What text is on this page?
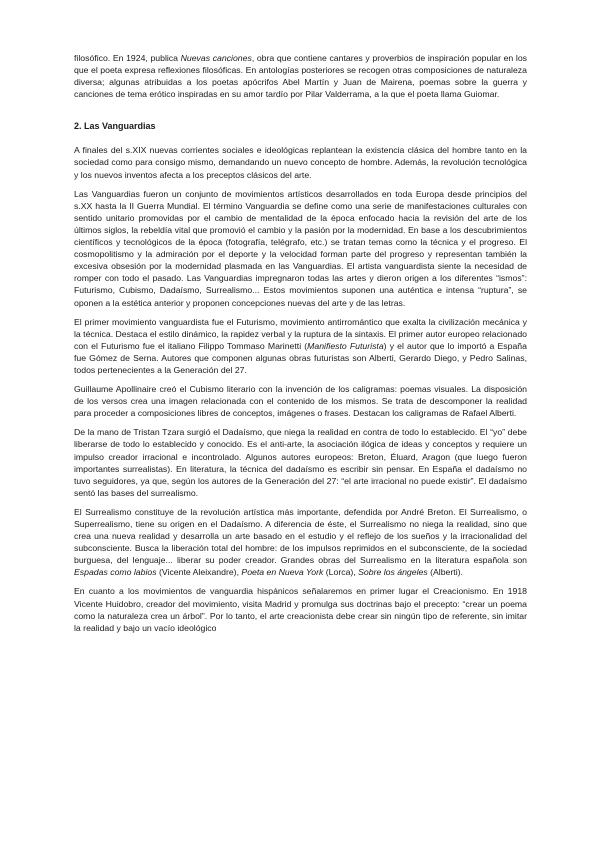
filosófico. En 1924, publica Nuevas canciones, obra que contiene cantares y proverbios de inspiración popular en los que el poeta expresa reflexiones filosóficas. En antologías posteriores se recogen otras composiciones de naturaleza diversa; algunas atribuidas a los poetas apócrifos Abel Martín y Juan de Mairena, poemas sobre la guerra y canciones de tema erótico inspiradas en su amor tardío por Pilar Valderrama, a la que el poeta llama Guiomar.

2. Las Vanguardias

A finales del s.XIX nuevas corrientes sociales e ideológicas replantean la existencia clásica del hombre tanto en la sociedad como para consigo mismo, demandando un nuevo concepto de hombre. Además, la revolución tecnológica y los nuevos inventos afecta a los preceptos clásicos del arte.

Las Vanguardias fueron un conjunto de movimientos artísticos desarrollados en toda Europa desde principios del s.XX hasta la II Guerra Mundial. El término Vanguardia se define como una serie de manifestaciones culturales con sentido unitario promovidas por el cambio de mentalidad de la época enfocado hacia la revisión del arte de los últimos siglos, la rebeldía vital que promovió el cambio y la pasión por la modernidad. En base a los descubrimientos científicos y tecnológicos de la época (fotografía, telégrafo, etc.) se tratan temas como la técnica y el progreso. El cosmopolitismo y la admiración por el deporte y la velocidad forman parte del progreso y representan también la excesiva obsesión por la modernidad plasmada en las Vanguardias. El artista vanguardista siente la necesidad de romper con todo el pasado. Las Vanguardias impregnaron todas las artes y dieron origen a los diferentes “ismos”: Futurismo, Cubismo, Dadaísmo, Surrealismo... Estos movimientos suponen una auténtica e intensa “ruptura”, se oponen a la estética anterior y proponen concepciones nuevas del arte y de las letras.

El primer movimiento vanguardista fue el Futurismo, movimiento antirromántico que exalta la civilización mecánica y la técnica. Destaca el estilo dinámico, la rapidez verbal y la ruptura de la sintaxis. El primer autor europeo relacionado con el Futurismo fue el italiano Filippo Tommaso Marinetti (Manifiesto Futurista) y el autor que lo importó a España fue Gómez de Serna. Autores que componen algunas obras futuristas son Alberti, Gerardo Diego, y Pedro Salinas, todos pertenecientes a la Generación del 27.

Guillaume Apollinaire creó el Cubismo literario con la invención de los caligramas: poemas visuales. La disposición de los versos crea una imagen relacionada con el contenido de los mismos. Se trata de descomponer la realidad para proceder a composiciones libres de conceptos, imágenes o frases. Destacan los caligramas de Rafael Alberti.

De la mano de Tristan Tzara surgió el Dadaísmo, que niega la realidad en contra de todo lo establecido. El “yo” debe liberarse de todo lo establecido y conocido. Es el anti-arte, la asociación ilógica de ideas y conceptos y requiere un impulso creador irracional e incontrolado. Algunos autores europeos: Breton, Éluard, Aragon (que luego fueron importantes surrealistas). En literatura, la técnica del dadaísmo es escribir sin pensar. En España el dadaísmo no tuvo seguidores, ya que, según los autores de la Generación del 27: “el arte irracional no puede existir”. El dadaísmo sentó las bases del surrealismo.

El Surrealismo constituye de la revolución artística más importante, defendida por André Breton. El Surrealismo, o Superrealismo, tiene su origen en el Dadaísmo. A diferencia de éste, el Surrealismo no niega la realidad, sino que crea una nueva realidad y desarrolla un arte basado en el estudio y el reflejo de los sueños y la irracionalidad del subconsciente. Busca la liberación total del hombre: de los impulsos reprimidos en el subconsciente, de la sociedad burguesa, del lenguaje... liberar su poder creador. Grandes obras del Surrealismo en la literatura española son Espadas como labios (Vicente Aleixandre), Poeta en Nueva York (Lorca), Sobre los ángeles (Alberti).

En cuanto a los movimientos de vanguardia hispánicos señalaremos en primer lugar el Creacionismo. En 1918 Vicente Huidobro, creador del movimiento, visita Madrid y promulga sus doctrinas bajo el precepto: “crear un poema como la naturaleza crea un árbol”. Por lo tanto, el arte creacionista debe crear sin ningún tipo de referente, sin imitar la realidad y bajo un vacío ideológico
